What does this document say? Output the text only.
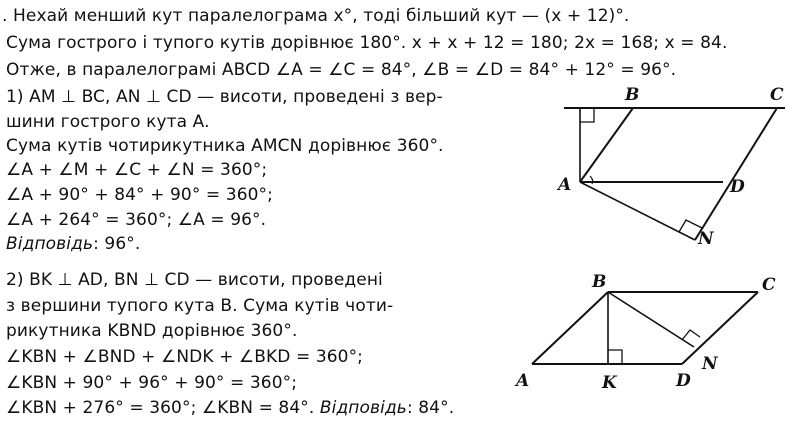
. Нехай менший кут паралелограма x°, тоді більший кут — (x + 12)°.
Сума гострого і тупого кутів дорівнює 180°. x + x + 12 = 180; 2x = 168; x = 84.
Отже, в паралелограмі ABCD ∠A = ∠C = 84°, ∠B = ∠D = 84° + 12° = 96°.
1) AM ⊥ BC, AN ⊥ CD — висоти, проведені з вер-
шини гострого кута A.
Сума кутів чотирикутника AMCN дорівнює 360°.
∠A + ∠M + ∠C + ∠N = 360°;
∠A + 90° + 84° + 90° = 360°;
∠A + 264° = 360°; ∠A = 96°.
Відповідь: 96°.
2) BK ⊥ AD, BN ⊥ CD — висоти, проведені
з вершини тупого кута B. Сума кутів чоти-
рикутника KBND дорівнює 360°.
∠KBN + ∠BND + ∠NDK + ∠BKD = 360°;
∠KBN + 90° + 96° + 90° = 360°;
∠KBN + 276° = 360°; ∠KBN = 84°. Відповідь: 84°.
B	C
A	D
N
B	C
A	K	D
N
